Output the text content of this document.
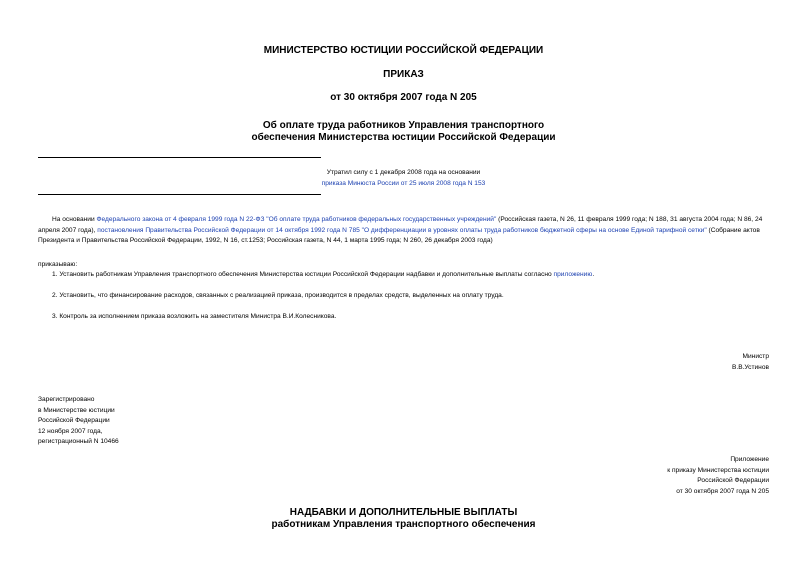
МИНИСТЕРСТВО ЮСТИЦИИ РОССИЙСКОЙ ФЕДЕРАЦИИ
ПРИКАЗ
от 30 октября 2007 года N 205
Об оплате труда работников Управления транспортного
обеспечения Министерства юстиции Российской Федерации
Утратил силу с 1 декабря 2008 года на основании
приказа Минюста России от 25 июля 2008 года N 153
На основании Федерального закона от 4 февраля 1999 года N 22-ФЗ "Об оплате труда работников федеральных государственных учреждений" (Российская газета, N 26, 11 февраля 1999 года; N 188, 31 августа 2004 года; N 86, 24 апреля 2007 года), постановления Правительства Российской Федерации от 14 октября 1992 года N 785 "О дифференциации в уровнях оплаты труда работников бюджетной сферы на основе Единой тарифной сетки" (Собрание актов Президента и Правительства Российской Федерации, 1992, N 16, ст.1253; Российская газета, N 44, 1 марта 1995 года; N 260, 26 декабря 2003 года)
приказываю:
1. Установить работникам Управления транспортного обеспечения Министерства юстиции Российской Федерации надбавки и дополнительные выплаты согласно приложению.
2. Установить, что финансирование расходов, связанных с реализацией приказа, производится в пределах средств, выделенных на оплату труда.
3. Контроль за исполнением приказа возложить на заместителя Министра В.И.Колесникова.
Министр
В.В.Устинов
Зарегистрировано
в Министерстве юстиции
Российской Федерации
12 ноября 2007 года,
регистрационный N 10466
Приложение
к приказу Министерства юстиции
Российской Федерации
от 30 октября 2007 года N 205
НАДБАВКИ И ДОПОЛНИТЕЛЬНЫЕ ВЫПЛАТЫ
работникам Управления транспортного обеспечения
